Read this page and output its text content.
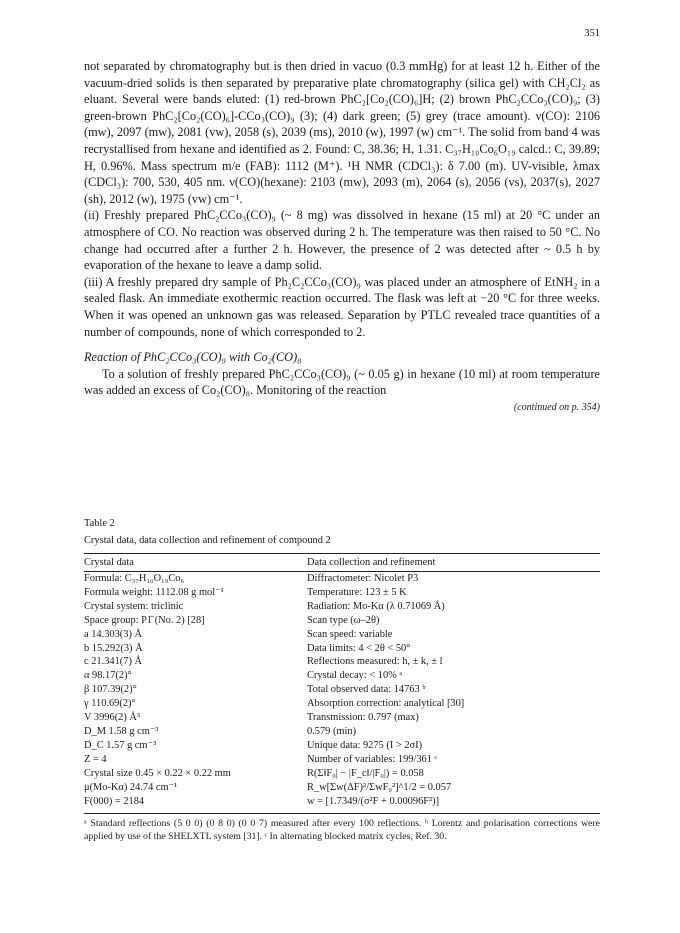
351

not separated by chromatography but is then dried in vacuo (0.3 mmHg) for at least 12 h. Either of the vacuum-dried solids is then separated by preparative plate chromatography (silica gel) with CH₂Cl₂ as eluant. Several were bands eluted: (1) red-brown PhC₂[Co₂(CO)₆]H; (2) brown PhC₂CCo₃(CO)₉; (3) green-brown PhC₂[Co₂(CO)₆]-CCo₃(CO)₉ (3); (4) dark green; (5) grey (trace amount). ν(CO): 2106 (mw), 2097 (mw), 2081 (vw), 2058 (s), 2039 (ms), 2010 (w), 1997 (w) cm⁻¹. The solid from band 4 was recrystallised from hexane and identified as 2. Found: C, 38.36; H, 1.31. C₃₇H₁₀Co₆O₁₉ calcd.: C, 39.89; H, 0.96%. Mass spectrum m/e (FAB): 1112 (M⁺). ¹H NMR (CDCl₃): δ 7.00 (m). UV-visible, λmax (CDCl₃): 700, 530, 405 nm. ν(CO)(hexane): 2103 (mw), 2093 (m), 2064 (s), 2056 (vs), 2037(s), 2027 (sh), 2012 (w), 1975 (vw) cm⁻¹.

(ii) Freshly prepared PhC₂CCo₃(CO)₉ (~ 8 mg) was dissolved in hexane (15 ml) at 20 °C under an atmosphere of CO. No reaction was observed during 2 h. The temperature was then raised to 50 °C. No change had occurred after a further 2 h. However, the presence of 2 was detected after ~ 0.5 h by evaporation of the hexane to leave a damp solid.

(iii) A freshly prepared dry sample of Ph₂C₂CCo₃(CO)₉ was placed under an atmosphere of EtNH₂ in a sealed flask. An immediate exothermic reaction occurred. The flask was left at −20 °C for three weeks. When it was opened an unknown gas was released. Separation by PTLC revealed trace quantities of a number of compounds, none of which corresponded to 2.

Reaction of PhC₂CCo₃(CO)₉ with Co₂(CO)₈

To a solution of freshly prepared PhC₂CCo₃(CO)₉ (~ 0.05 g) in hexane (10 ml) at room temperature was added an excess of Co₂(CO)₈. Monitoring of the reaction

(continued on p. 354)

Table 2

Crystal data, data collection and refinement of compound 2

Crystal data	Data collection and refinement
Formula: C₃₇H₁₀O₁₉Co₆	Diffractometer: Nicolet P3
Formula weight: 1112.08 g mol⁻¹	Temperature: 123 ± 5 K
Crystal system: triclinic	Radiation: Mo-Kα (λ 0.71069 Å)
Space group: P1̄ (No. 2) [28]	Scan type (ω–2θ)
a 14.303(3) Å	Scan speed: variable
b 15.292(3) Å	Data limits: 4 < 2θ < 50°
c 21.341(7) Å	Reflections measured: h, ± k, ± l
α 98.17(2)°	Crystal decay: < 10% ᵃ
β 107.39(2)°	Total observed data: 14763 ᵇ
γ 110.69(2)°	Absorption correction: analytical [30]
V 3996(2) Å³	Transmission: 0.797 (max)
D_M 1.58 g cm⁻³	0.579 (min)
D_C 1.57 g cm⁻³	Unique data: 9275 (I > 2σI)
Z = 4	Number of variables: 199/361 ᶜ
Crystal size 0.45 × 0.22 × 0.22 mm	R(Σ‖F₀| − |F_c‖/|F₀|) = 0.058
μ(Mo-Kα) 24.74 cm⁻¹	R_w[Σw(ΔF)²/ΣwF₀²]^1/2 = 0.057
F(000) = 2184	w = [1.7349/(σ²F + 0.00096F²)]

ᵃ Standard reflections (5 0 0) (0 8 0) (0 0 7) measured after every 100 reflections. ᵇ Lorentz and polarisation corrections were applied by use of the SHELXTL system [31]. ᶜ In alternating blocked matrix cycles, Ref. 30.
